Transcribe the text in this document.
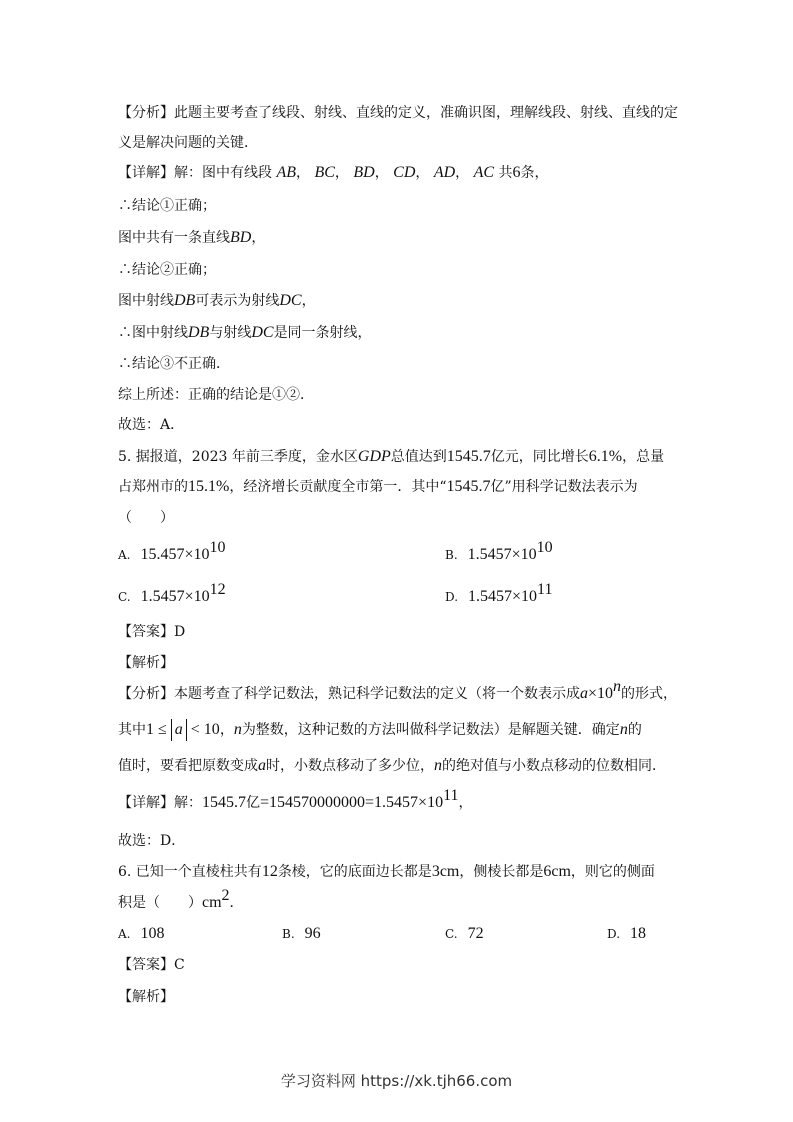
【分析】此题主要考查了线段、射线、直线的定义，准确识图，理解线段、射线、直线的定
义是解决问题的关键．
【详解】解：图中有线段 AB， BC， BD， CD， AD， AC 共6条，
∴结论①正确；
图中共有一条直线BD，
∴结论②正确；
图中射线DB可表示为射线DC，
∴图中射线DB与射线DC是同一条射线，
∴结论③不正确．
综上所述：正确的结论是①②．
故选：A．
5. 据报道，2023 年前三季度，金水区GDP总值达到1545.7亿元，同比增长6.1%，总量
占郑州市的15.1%，经济增长贡献度全市第一．其中“1545.7亿”用科学记数法表示为
（　　）
A. $15.457\times 10^{10}$	B. $1.5457\times 10^{10}$
C. $1.5457\times 10^{12}$	D. $1.5457\times 10^{11}$
【答案】D
【解析】
【分析】本题考查了科学记数法，熟记科学记数法的定义（将一个数表示成$a\times 10^n$的形式，
其中1 ≤ a < 10，n为整数，这种记数的方法叫做科学记数法）是解题关键．确定n的
值时，要看把原数变成a时，小数点移动了多少位，n的绝对值与小数点移动的位数相同．
【详解】解：1545.7亿$=154570000000=1.5457\times 10^{11}$，
故选：D．
6. 已知一个直棱柱共有12条棱，它的底面边长都是3cm，侧棱长都是6cm，则它的侧面
积是（　　）$cm^2$．
A. 108	B. 96	C. 72	D. 18
【答案】C
【解析】
学习资料网 https://xk.tjh66.com
